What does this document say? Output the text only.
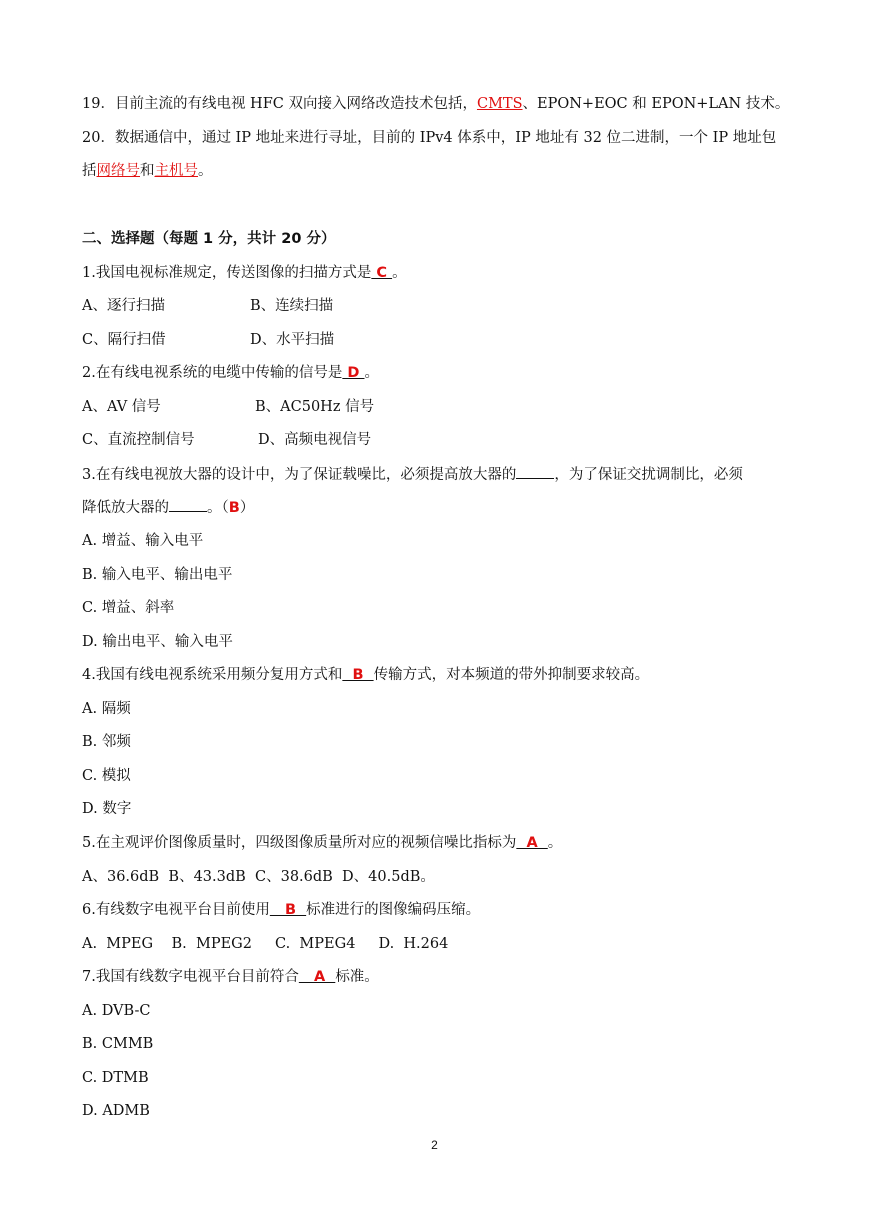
19．目前主流的有线电视 HFC 双向接入网络改造技术包括，CMTS、EPON+EOC 和 EPON+LAN 技术。
20．数据通信中，通过 IP 地址来进行寻址，目前的 IPv4 体系中，IP 地址有 32 位二进制，一个 IP 地址包
括网络号和主机号。
二、选择题（每题 1 分，共计 20 分）
1.我国电视标准规定，传送图像的扫描方式是 C 。
A、逐行扫描	B、连续扫描
C、隔行扫借	D、水平扫描
2.在有线电视系统的电缆中传输的信号是 D 。
A、AV 信号	B、AC50Hz 信号
C、直流控制信号	D、高频电视信号
3.在有线电视放大器的设计中，为了保证载噪比，必须提高放大器的	，为了保证交扰调制比，必须
降低放大器的	。（B）
A. 增益、输入电平
B. 输入电平、输出电平
C. 增益、斜率
D. 输出电平、输入电平
4.我国有线电视系统采用频分复用方式和  B  传输方式，对本频道的带外抑制要求较高。
A. 隔频
B. 邻频
C. 模拟
D. 数字
5.在主观评价图像质量时，四级图像质量所对应的视频信噪比指标为  A  。
A、36.6dB  B、43.3dB  C、38.6dB  D、40.5dB。
6.有线数字电视平台目前使用   B  标准进行的图像编码压缩。
A.  MPEG    B.  MPEG2     C.  MPEG4     D.  H.264
7.我国有线数字电视平台目前符合   A  标准。
A. DVB-C
B. CMMB
C. DTMB
D. ADMB
2
